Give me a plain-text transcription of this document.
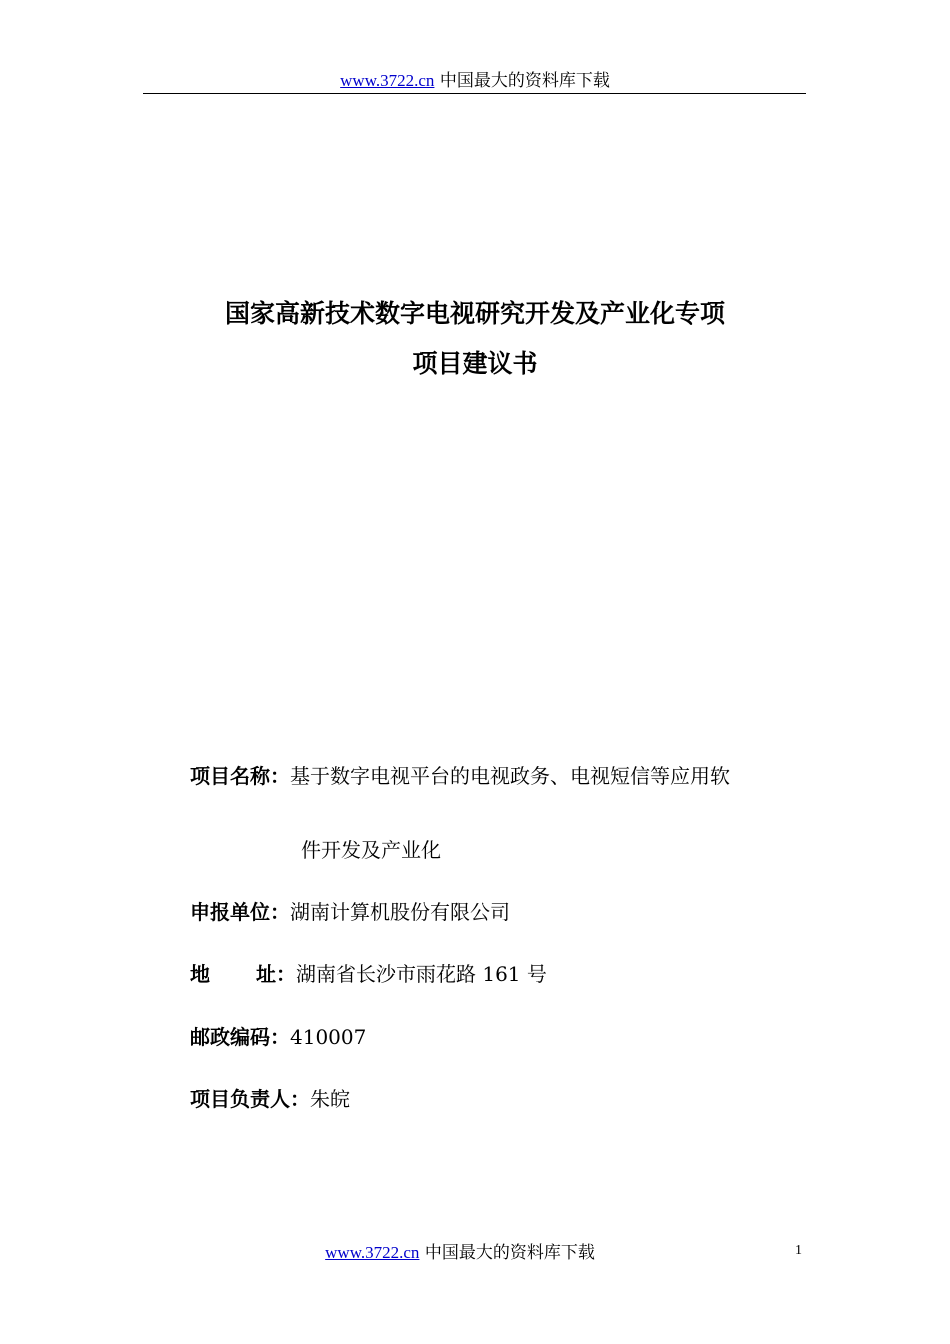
www.3722.cn 中国最大的资料库下载
国家高新技术数字电视研究开发及产业化专项
项目建议书
项目名称：基于数字电视平台的电视政务、电视短信等应用软
件开发及产业化
申报单位：湖南计算机股份有限公司
地 址：湖南省长沙市雨花路 161 号
邮政编码：410007
项目负责人：朱皖
www.3722.cn 中国最大的资料库下载	1
